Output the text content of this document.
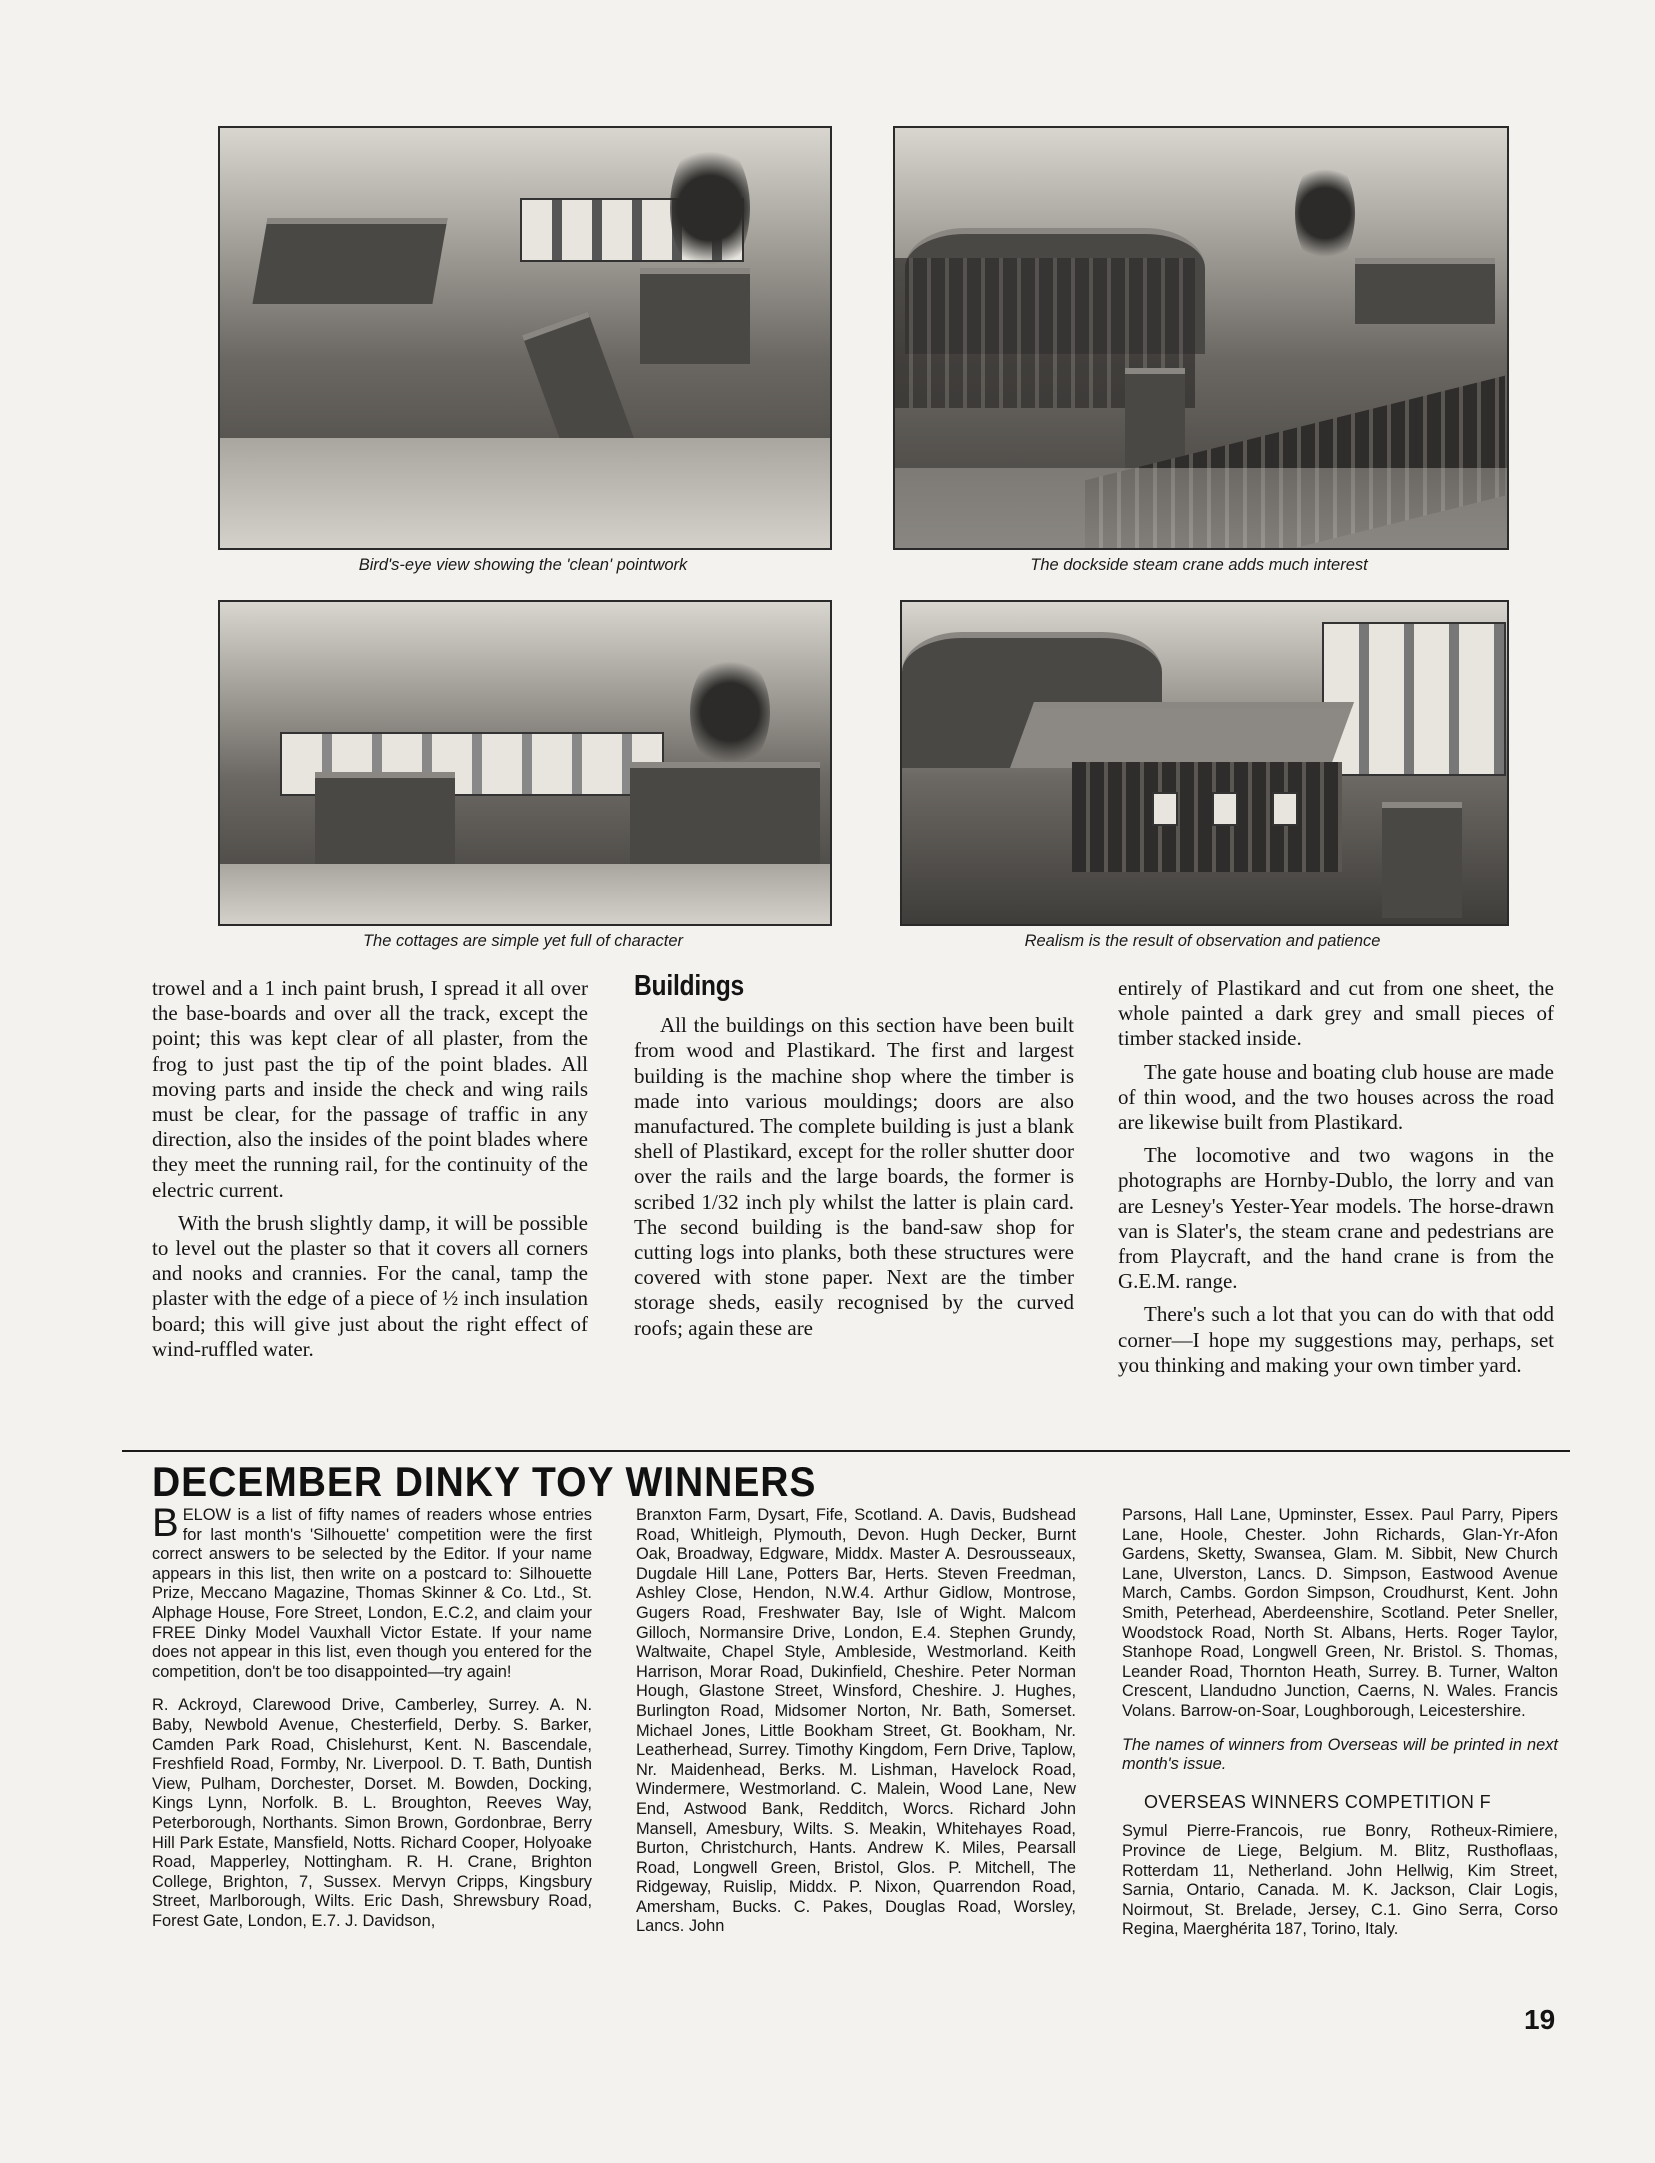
Bird's-eye view showing the 'clean' pointwork	The dockside steam crane adds much interest
The cottages are simple yet full of character	Realism is the result of observation and patience

trowel and a 1 inch paint brush, I spread it all over the base-boards and over all the track, except the point; this was kept clear of all plaster, from the frog to just past the tip of the point blades. All moving parts and inside the check and wing rails must be clear, for the passage of traffic in any direction, also the insides of the point blades where they meet the running rail, for the continuity of the electric current.

With the brush slightly damp, it will be possible to level out the plaster so that it covers all corners and nooks and crannies. For the canal, tamp the plaster with the edge of a piece of ½ inch insulation board; this will give just about the right effect of wind-ruffled water.

Buildings

All the buildings on this section have been built from wood and Plastikard. The first and largest building is the machine shop where the timber is made into various mouldings; doors are also manufactured. The complete building is just a blank shell of Plastikard, except for the roller shutter door over the rails and the large boards, the former is scribed 1/32 inch ply whilst the latter is plain card. The second building is the band-saw shop for cutting logs into planks, both these structures were covered with stone paper. Next are the timber storage sheds, easily recognised by the curved roofs; again these are

entirely of Plastikard and cut from one sheet, the whole painted a dark grey and small pieces of timber stacked inside.

The gate house and boating club house are made of thin wood, and the two houses across the road are likewise built from Plastikard.

The locomotive and two wagons in the photographs are Hornby-Dublo, the lorry and van are Lesney's Yester-Year models. The horse-drawn van is Slater's, the steam crane and pedestrians are from Playcraft, and the hand crane is from the G.E.M. range.

There's such a lot that you can do with that odd corner—I hope my suggestions may, perhaps, set you thinking and making your own timber yard.

DECEMBER DINKY TOY WINNERS

BELOW is a list of fifty names of readers whose entries for last month's 'Silhouette' competition were the first correct answers to be selected by the Editor. If your name appears in this list, then write on a postcard to: Silhouette Prize, Meccano Magazine, Thomas Skinner & Co. Ltd., St. Alphage House, Fore Street, London, E.C.2, and claim your FREE Dinky Model Vauxhall Victor Estate. If your name does not appear in this list, even though you entered for the competition, don't be too disappointed—try again!

R. Ackroyd, Clarewood Drive, Camberley, Surrey. A. N. Baby, Newbold Avenue, Chesterfield, Derby. S. Barker, Camden Park Road, Chislehurst, Kent. N. Bascendale, Freshfield Road, Formby, Nr. Liverpool. D. T. Bath, Duntish View, Pulham, Dorchester, Dorset. M. Bowden, Docking, Kings Lynn, Norfolk. B. L. Broughton, Reeves Way, Peterborough, Northants. Simon Brown, Gordonbrae, Berry Hill Park Estate, Mansfield, Notts. Richard Cooper, Holyoake Road, Mapperley, Nottingham. R. H. Crane, Brighton College, Brighton, 7, Sussex. Mervyn Cripps, Kingsbury Street, Marlborough, Wilts. Eric Dash, Shrewsbury Road, Forest Gate, London, E.7. J. Davidson,

Branxton Farm, Dysart, Fife, Scotland. A. Davis, Budshead Road, Whitleigh, Plymouth, Devon. Hugh Decker, Burnt Oak, Broadway, Edgware, Middx. Master A. Desrousseaux, Dugdale Hill Lane, Potters Bar, Herts. Steven Freedman, Ashley Close, Hendon, N.W.4. Arthur Gidlow, Montrose, Gugers Road, Freshwater Bay, Isle of Wight. Malcom Gilloch, Normansire Drive, London, E.4. Stephen Grundy, Waltwaite, Chapel Style, Ambleside, Westmorland. Keith Harrison, Morar Road, Dukinfield, Cheshire. Peter Norman Hough, Glastone Street, Winsford, Cheshire. J. Hughes, Burlington Road, Midsomer Norton, Nr. Bath, Somerset. Michael Jones, Little Bookham Street, Gt. Bookham, Nr. Leatherhead, Surrey. Timothy Kingdom, Fern Drive, Taplow, Nr. Maidenhead, Berks. M. Lishman, Havelock Road, Windermere, Westmorland. C. Malein, Wood Lane, New End, Astwood Bank, Redditch, Worcs. Richard John Mansell, Amesbury, Wilts. S. Meakin, Whitehayes Road, Burton, Christchurch, Hants. Andrew K. Miles, Pearsall Road, Longwell Green, Bristol, Glos. P. Mitchell, The Ridgeway, Ruislip, Middx. P. Nixon, Quarrendon Road, Amersham, Bucks. C. Pakes, Douglas Road, Worsley, Lancs. John

Parsons, Hall Lane, Upminster, Essex. Paul Parry, Pipers Lane, Hoole, Chester. John Richards, Glan-Yr-Afon Gardens, Sketty, Swansea, Glam. M. Sibbit, New Church Lane, Ulverston, Lancs. D. Simpson, Eastwood Avenue March, Cambs. Gordon Simpson, Croudhurst, Kent. John Smith, Peterhead, Aberdeenshire, Scotland. Peter Sneller, Woodstock Road, North St. Albans, Herts. Roger Taylor, Stanhope Road, Longwell Green, Nr. Bristol. S. Thomas, Leander Road, Thornton Heath, Surrey. B. Turner, Walton Crescent, Llandudno Junction, Caerns, N. Wales. Francis Volans. Barrow-on-Soar, Loughborough, Leicestershire.

The names of winners from Overseas will be printed in next month's issue.

OVERSEAS WINNERS COMPETITION F

Symul Pierre-Francois, rue Bonry, Rotheux-Rimiere, Province de Liege, Belgium. M. Blitz, Rusthoflaas, Rotterdam 11, Netherland. John Hellwig, Kim Street, Sarnia, Ontario, Canada. M. K. Jackson, Clair Logis, Noirmout, St. Brelade, Jersey, C.1. Gino Serra, Corso Regina, Maerghérita 187, Torino, Italy.

19
